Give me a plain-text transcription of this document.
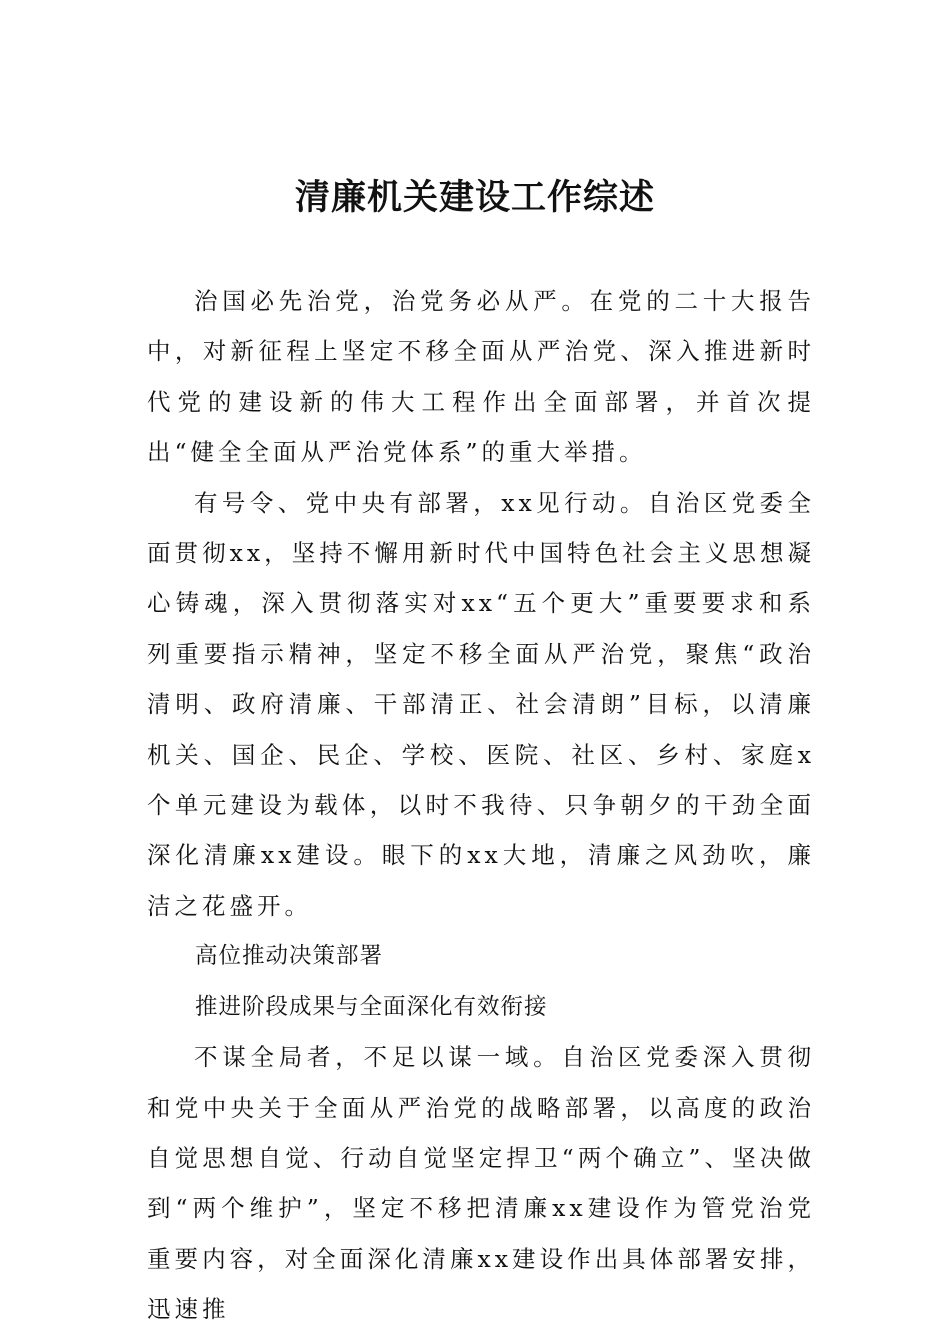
清廉机关建设工作综述

治国必先治党，治党务必从严。在党的二十大报告中，对新征程上坚定不移全面从严治党、深入推进新时代党的建设新的伟大工程作出全面部署，并首次提出“健全全面从严治党体系”的重大举措。

有号令、党中央有部署，xx见行动。自治区党委全面贯彻xx，坚持不懈用新时代中国特色社会主义思想凝心铸魂，深入贯彻落实对xx“五个更大”重要要求和系列重要指示精神，坚定不移全面从严治党，聚焦“政治清明、政府清廉、干部清正、社会清朗”目标，以清廉机关、国企、民企、学校、医院、社区、乡村、家庭x个单元建设为载体，以时不我待、只争朝夕的干劲全面深化清廉xx建设。眼下的xx大地，清廉之风劲吹，廉洁之花盛开。

高位推动决策部署

推进阶段成果与全面深化有效衔接

不谋全局者，不足以谋一域。自治区党委深入贯彻和党中央关于全面从严治党的战略部署，以高度的政治自觉思想自觉、行动自觉坚定捍卫“两个确立”、坚决做到“两个维护”，坚定不移把清廉xx建设作为管党治党重要内容，对全面深化清廉xx建设作出具体部署安排，迅速推
